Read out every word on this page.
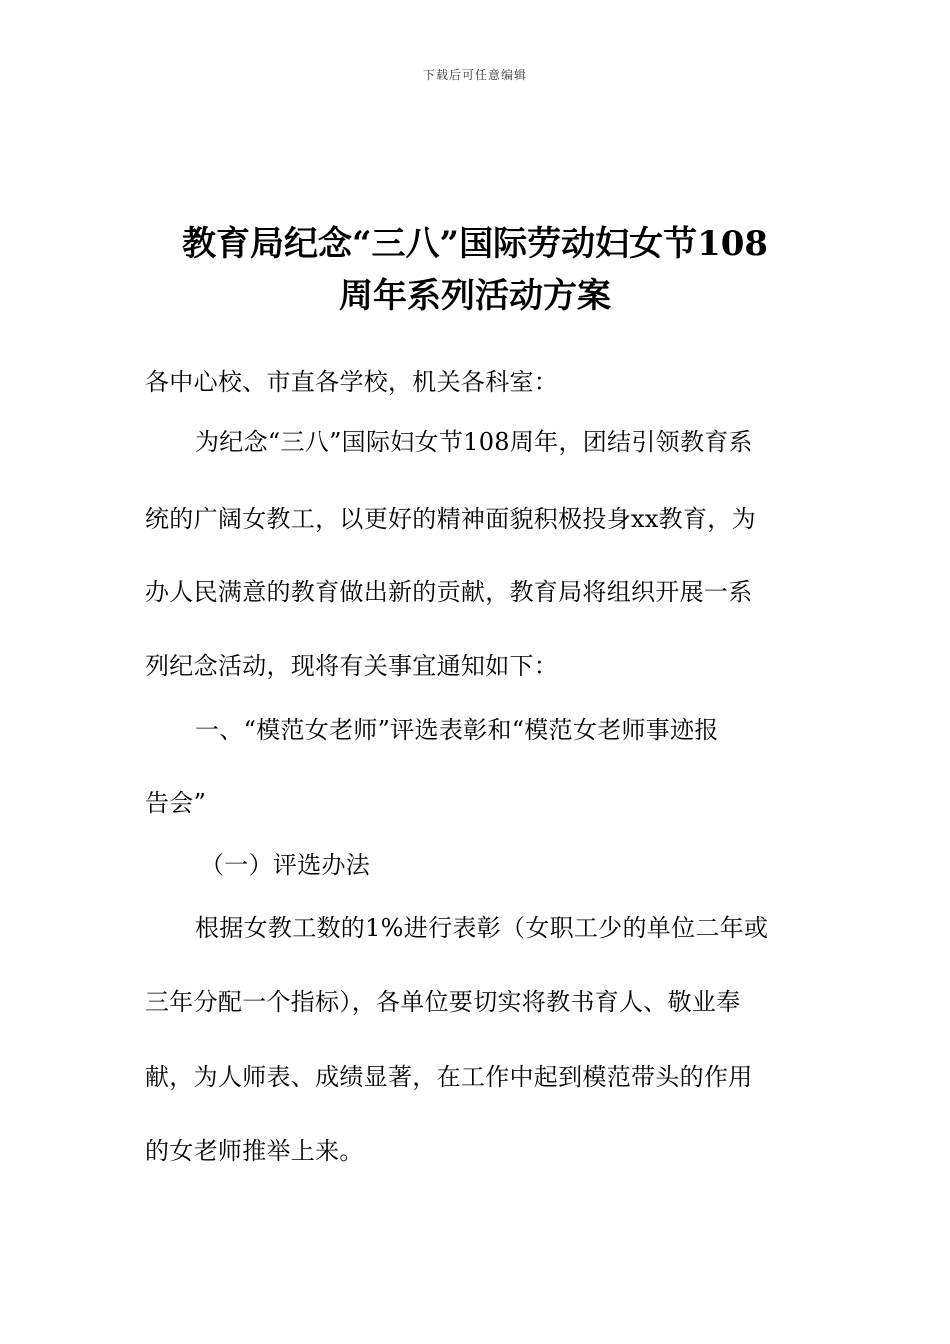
下载后可任意编辑
教育局纪念“三八”国际劳动妇女节108
周年系列活动方案
各中心校、市直各学校，机关各科室：
为纪念“三八”国际妇女节108周年，团结引领教育系
统的广阔女教工，以更好的精神面貌积极投身xx教育，为
办人民满意的教育做出新的贡献，教育局将组织开展一系
列纪念活动，现将有关事宜通知如下：
一、“模范女老师”评选表彰和“模范女老师事迹报
告会”
（一）评选办法
根据女教工数的1%进行表彰（女职工少的单位二年或
三年分配一个指标），各单位要切实将教书育人、敬业奉
献，为人师表、成绩显著，在工作中起到模范带头的作用
的女老师推举上来。
